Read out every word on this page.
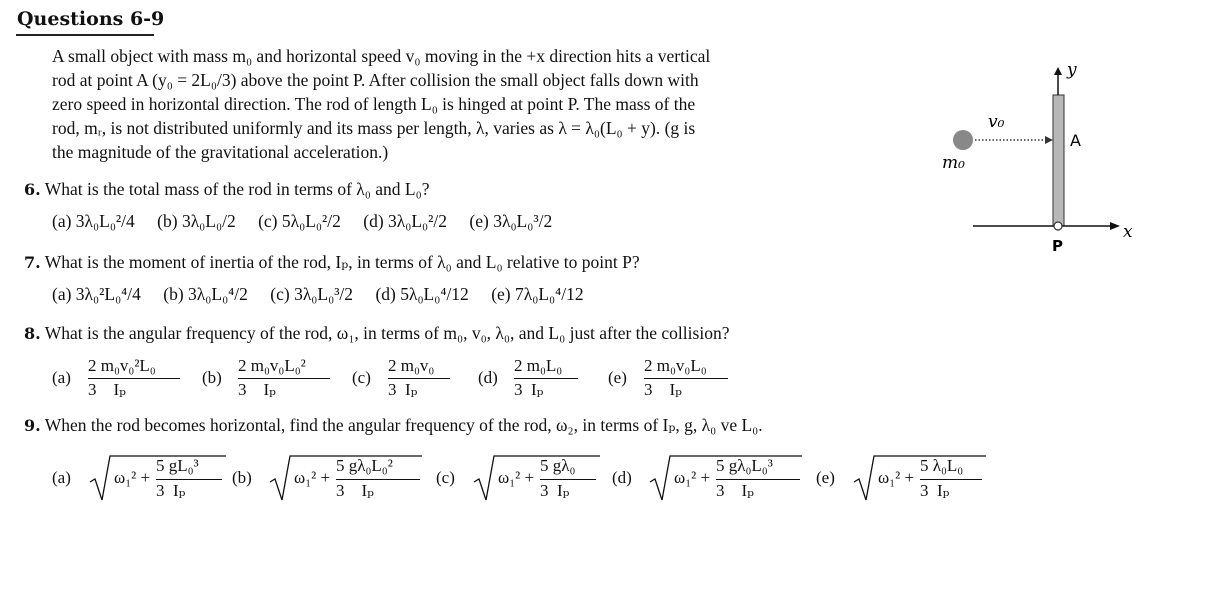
Questions 6-9

A small object with mass m₀ and horizontal speed v₀ moving in the +x direction hits a vertical

rod at point A (y₀ = 2L₀/3) above the point P. After collision the small object falls down with

zero speed in horizontal direction. The rod of length L₀ is hinged at point P. The mass of the

rod, mᵣ, is not distributed uniformly and its mass per length, λ, varies as λ = λ₀(L₀ + y). (g is

the magnitude of the gravitational acceleration.)

y
x
P
v₀
A
m₀
6. What is the total mass of the rod in terms of λ₀ and L₀?
(a) 3λ₀L₀²/4 (b) 3λ₀L₀/2 (c) 5λ₀L₀²/2 (d) 3λ₀L₀²/2 (e) 3λ₀L₀³/2
7. What is the moment of inertia of the rod, Iₚ, in terms of λ₀ and L₀ relative to point P?
(a) 3λ₀²L₀⁴/4 (b) 3λ₀L₀⁴/2 (c) 3λ₀L₀³/2 (d) 5λ₀L₀⁴/12 (e) 7λ₀L₀⁴/12
8. What is the angular frequency of the rod, ω₁, in terms of m₀, v₀, λ₀, and L₀ just after the collision?
(a)
2 m₀v₀²L₀
3    Iₚ
(b)
2 m₀v₀L₀²
3    Iₚ
(c)
2 m₀v₀
3  Iₚ
(d)
2 m₀L₀
3  Iₚ
(e)
2 m₀v₀L₀
3    Iₚ
9. When the rod becomes horizontal, find the angular frequency of the rod, ω₂, in terms of Iₚ, g, λ₀ ve L₀.
(a)	ω₁² +
5 gL₀³
3  Iₚ
(b) ω₁² +
5 gλ₀L₀²
3    Iₚ
(c)	ω₁² +
5 gλ₀
3  Iₚ
(d) ω₁² +
5 gλ₀L₀³
3    Iₚ
(e)	ω₁² +
5 λ₀L₀
3  Iₚ
